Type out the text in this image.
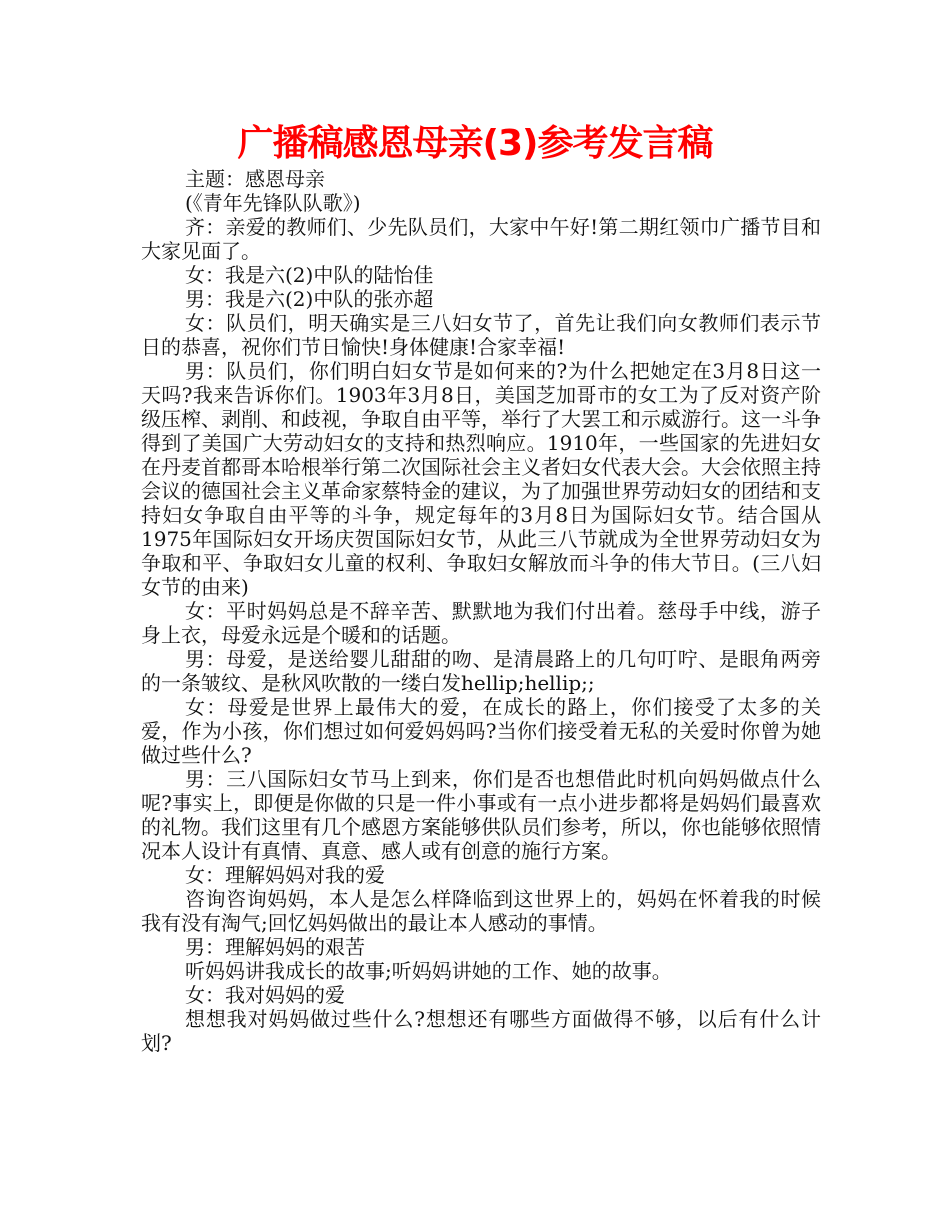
广播稿感恩母亲(3)参考发言稿

主题：感恩母亲

(《青年先锋队队歌》)

齐：亲爱的教师们、少先队员们，大家中午好!第二期红领巾广播节目和大家见面了。

女：我是六(2)中队的陆怡佳

男：我是六(2)中队的张亦超

女：队员们，明天确实是三八妇女节了，首先让我们向女教师们表示节日的恭喜，祝你们节日愉快!身体健康!合家幸福!

男：队员们，你们明白妇女节是如何来的?为什么把她定在3月8日这一天吗?我来告诉你们。1903年3月8日，美国芝加哥市的女工为了反对资产阶级压榨、剥削、和歧视，争取自由平等，举行了大罢工和示威游行。这一斗争得到了美国广大劳动妇女的支持和热烈响应。1910年，一些国家的先进妇女在丹麦首都哥本哈根举行第二次国际社会主义者妇女代表大会。大会依照主持会议的德国社会主义革命家蔡特金的建议，为了加强世界劳动妇女的团结和支持妇女争取自由平等的斗争，规定每年的3月8日为国际妇女节。结合国从1975年国际妇女开场庆贺国际妇女节，从此三八节就成为全世界劳动妇女为争取和平、争取妇女儿童的权利、争取妇女解放而斗争的伟大节日。(三八妇女节的由来)

女：平时妈妈总是不辞辛苦、默默地为我们付出着。慈母手中线，游子身上衣，母爱永远是个暖和的话题。

男：母爱，是送给婴儿甜甜的吻、是清晨路上的几句叮咛、是眼角两旁的一条皱纹、是秋风吹散的一缕白发hellip;hellip;;

女：母爱是世界上最伟大的爱，在成长的路上，你们接受了太多的关爱，作为小孩，你们想过如何爱妈妈吗?当你们接受着无私的关爱时你曾为她做过些什么?

男：三八国际妇女节马上到来，你们是否也想借此时机向妈妈做点什么呢?事实上，即便是你做的只是一件小事或有一点小进步都将是妈妈们最喜欢的礼物。我们这里有几个感恩方案能够供队员们参考，所以，你也能够依照情况本人设计有真情、真意、感人或有创意的施行方案。

女：理解妈妈对我的爱

咨询咨询妈妈，本人是怎么样降临到这世界上的，妈妈在怀着我的时候我有没有淘气;回忆妈妈做出的最让本人感动的事情。

男：理解妈妈的艰苦

听妈妈讲我成长的故事;听妈妈讲她的工作、她的故事。

女：我对妈妈的爱

想想我对妈妈做过些什么?想想还有哪些方面做得不够，以后有什么计划?
